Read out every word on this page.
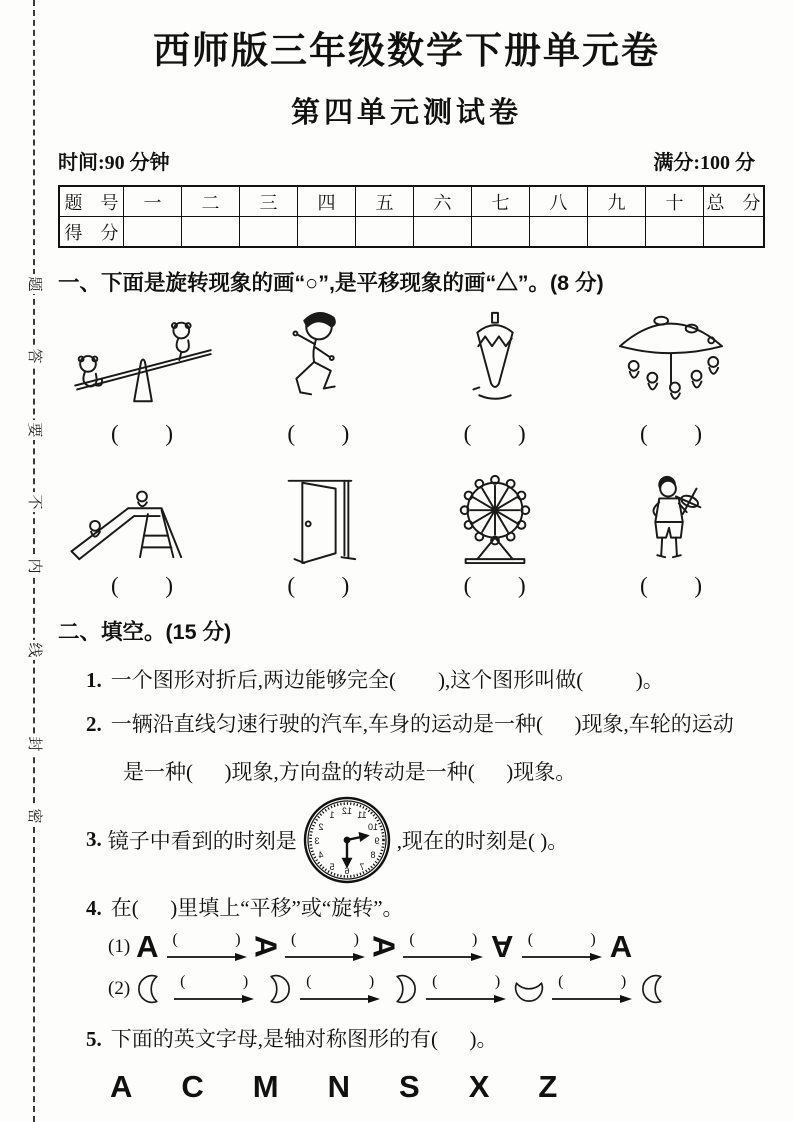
题
答
要
不
内
线
封
密
西师版三年级数学下册单元卷
第四单元测试卷
时间:90 分钟	满分:100 分
题　号	一	二	三	四	五	六	七	八	九	十	总　分
得　分											
一、下面是旋转现象的画“○”,是平移现象的画“△”。(8 分)
( )	( )	( )	( )
( )	( )	( )	( )
二、填空。(15 分)
1. 一个图形对折后,两边能够完全(        ),这个图形叫做(          )。
2. 一辆沿直线匀速行驶的汽车,车身的运动是一种(      )现象,车轮的运动
是一种(      )现象,方向盘的转动是一种(      )现象。
3. 镜子中看到的时刻是
12
1
2
3
4
5 6 7
8
9
10
11
,现在的时刻是( )。
4. 在(      )里填上“平移”或“旋转”。
(1) A (	) A (	) A (	) A (	) A
(2)	(	)	(	)	(	)	(	)
5. 下面的英文字母,是轴对称图形的有(      )。
A C M N S X Z
